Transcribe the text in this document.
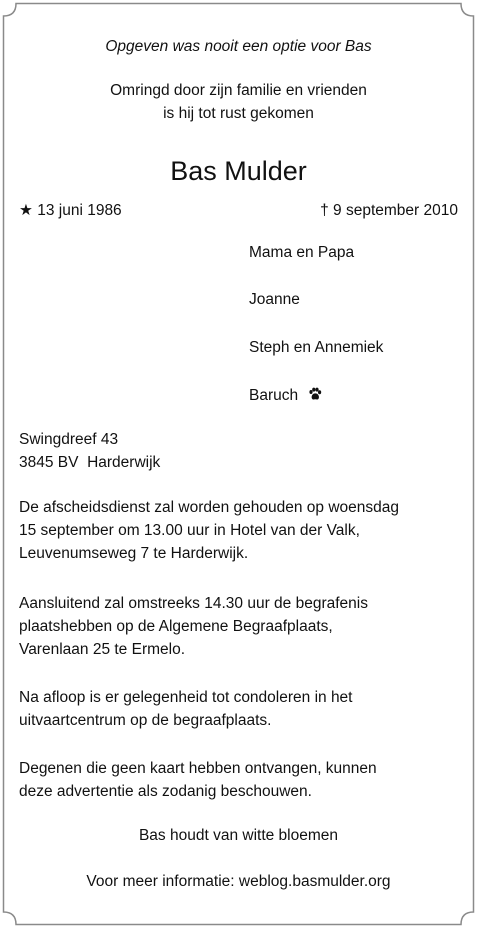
Opgeven was nooit een optie voor Bas
Omringd door zijn familie en vrienden
is hij tot rust gekomen
Bas Mulder
★ 13 juni 1986	† 9 september 2010
Mama en Papa
Joanne
Steph en Annemiek
Baruch
Swingdreef 43
3845 BV  Harderwijk
De afscheidsdienst zal worden gehouden op woensdag
15 september om 13.00 uur in Hotel van der Valk,
Leuvenumseweg 7 te Harderwijk.
Aansluitend zal omstreeks 14.30 uur de begrafenis
plaatshebben op de Algemene Begraafplaats,
Varenlaan 25 te Ermelo.
Na afloop is er gelegenheid tot condoleren in het
uitvaartcentrum op de begraafplaats.
Degenen die geen kaart hebben ontvangen, kunnen
deze advertentie als zodanig beschouwen.
Bas houdt van witte bloemen
Voor meer informatie: weblog.basmulder.org
